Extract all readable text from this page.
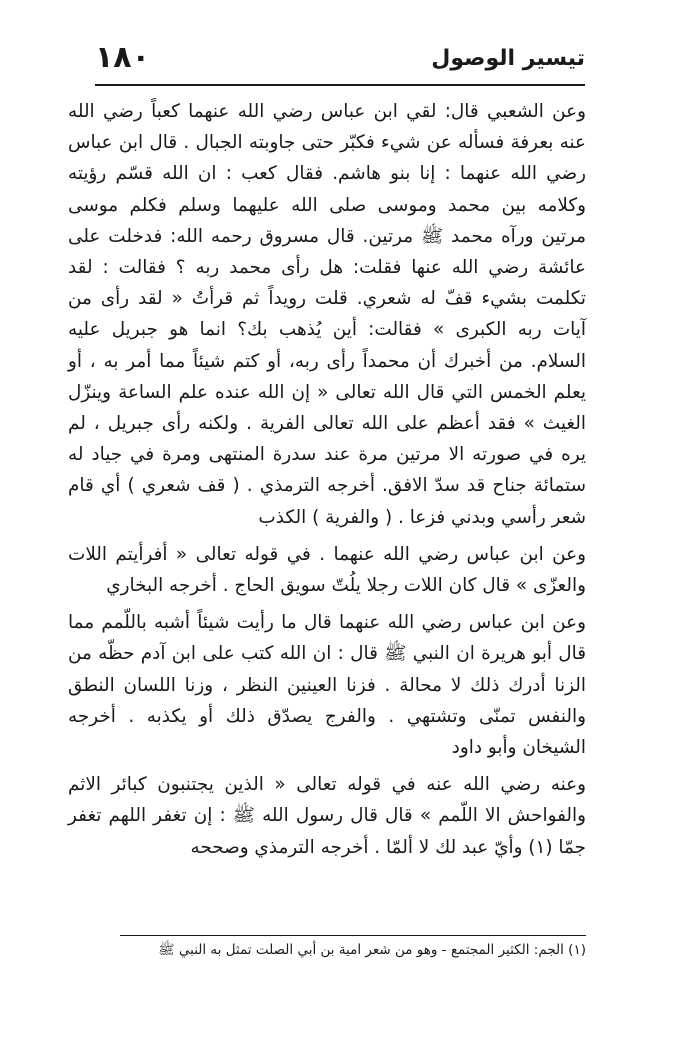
١٨٠	تيسير الوصول

وعن الشعبي قال: لقي ابن عباس رضي الله عنهما كعباً رضي الله عنه بعرفة فسأله عن شيء فكبّر حتى جاوبته الجبال . قال ابن عباس رضي الله عنهما : إنا بنو هاشم. فقال كعب : ان الله قسّم رؤيته وكلامه بين محمد وموسى صلى الله عليهما وسلم فكلم موسى مرتين ورآه محمد ﷺ مرتين. قال مسروق رحمه الله: فدخلت على عائشة رضي الله عنها فقلت: هل رأى محمد ربه ؟ فقالت : لقد تكلمت بشيء قفّ له شعري. قلت رويداً ثم قرأتُ « لقد رأى من آيات ربه الكبرى » فقالت: أين يُذهب بك؟ انما هو جبريل عليه السلام. من أخبرك أن محمداً رأى ربه، أو كتم شيئاً مما أمر به ، أو يعلم الخمس التي قال الله تعالى « إن الله عنده علم الساعة وينزّل الغيث » فقد أعظم على الله تعالى الفرية . ولكنه رأى جبريل ، لم يره في صورته الا مرتين مرة عند سدرة المنتهى ومرة في جياد له ستمائة جناح قد سدّ الافق. أخرجه الترمذي . ( قف شعري ) أي قام شعر رأسي وبدني فزعا . ( والفرية ) الكذب

وعن ابن عباس رضي الله عنهما . في قوله تعالى « أفرأيتم اللات والعزّى » قال كان اللات رجلا يلُتّ سويق الحاج . أخرجه البخاري

وعن ابن عباس رضي الله عنهما قال ما رأيت شيئاً أشبه باللّمم مما قال أبو هريرة ان النبي ﷺ قال : ان الله كتب على ابن آدم حظّه من الزنا أدرك ذلك لا محالة . فزنا العينين النظر ، وزنا اللسان النطق والنفس تمنّى وتشتهي . والفرج يصدّق ذلك أو يكذبه . أخرجه الشيخان وأبو داود

وعنه رضي الله عنه في قوله تعالى « الذين يجتنبون كبائر الاثم والفواحش الا اللّمم » قال قال رسول الله ﷺ : إن تغفر اللهم تغفر جمّا (١) وأيّ عبد لك لا ألمّا . أخرجه الترمذي وصححه

(١) الجم: الكثير المجتمع - وهو من شعر امية بن أبي الصلت تمثل به النبي ﷺ
